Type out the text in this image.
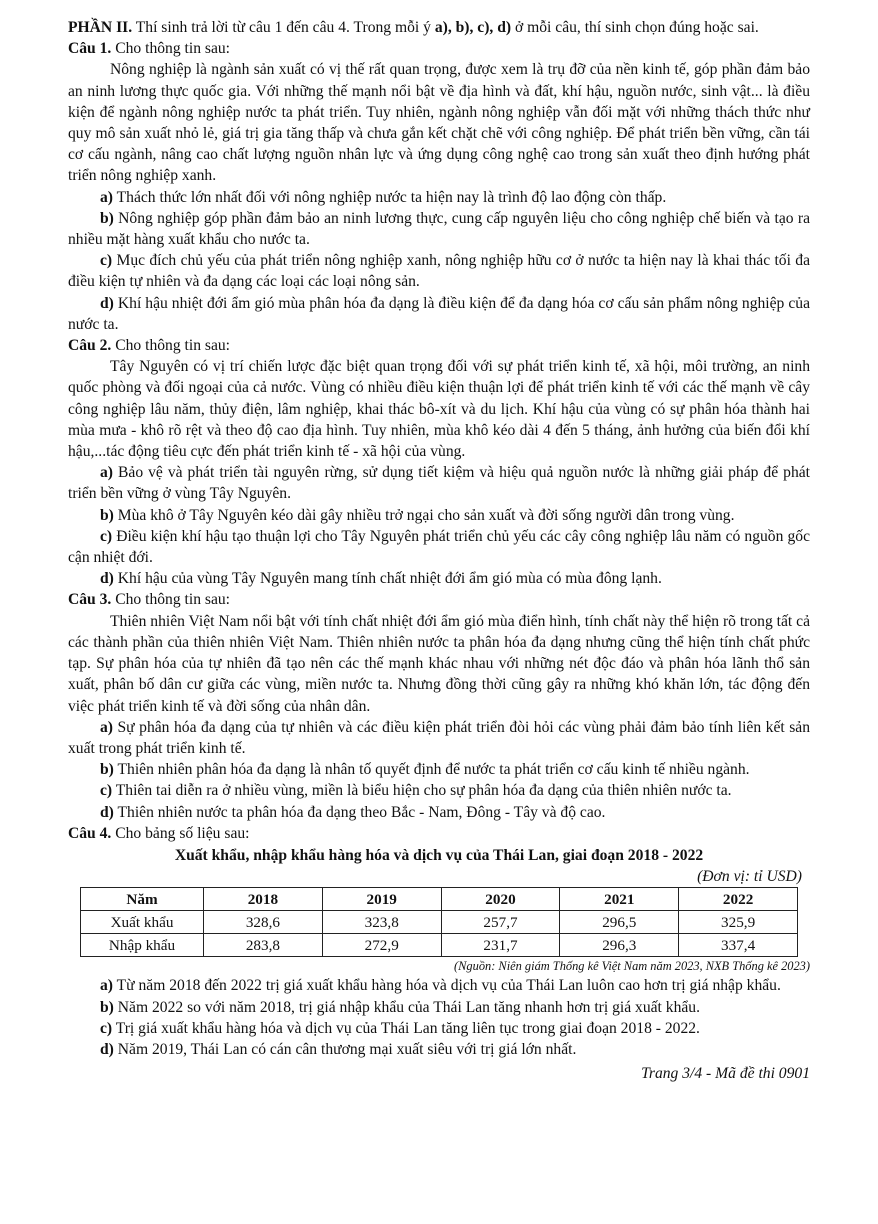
PHẦN II. Thí sinh trả lời từ câu 1 đến câu 4. Trong mỗi ý a), b), c), d) ở mỗi câu, thí sinh chọn đúng hoặc sai.

Câu 1. Cho thông tin sau:

Nông nghiệp là ngành sản xuất có vị thế rất quan trọng, được xem là trụ đỡ của nền kinh tế, góp phần đảm bảo an ninh lương thực quốc gia. Với những thế mạnh nổi bật về địa hình và đất, khí hậu, nguồn nước, sinh vật... là điều kiện để ngành nông nghiệp nước ta phát triển. Tuy nhiên, ngành nông nghiệp vẫn đối mặt với những thách thức như quy mô sản xuất nhỏ lẻ, giá trị gia tăng thấp và chưa gắn kết chặt chẽ với công nghiệp. Để phát triển bền vững, cần tái cơ cấu ngành, nâng cao chất lượng nguồn nhân lực và ứng dụng công nghệ cao trong sản xuất theo định hướng phát triển nông nghiệp xanh.

a) Thách thức lớn nhất đối với nông nghiệp nước ta hiện nay là trình độ lao động còn thấp.

b) Nông nghiệp góp phần đảm bảo an ninh lương thực, cung cấp nguyên liệu cho công nghiệp chế biến và tạo ra nhiều mặt hàng xuất khẩu cho nước ta.

c) Mục đích chủ yếu của phát triển nông nghiệp xanh, nông nghiệp hữu cơ ở nước ta hiện nay là khai thác tối đa điều kiện tự nhiên và đa dạng các loại các loại nông sản.

d) Khí hậu nhiệt đới ẩm gió mùa phân hóa đa dạng là điều kiện để đa dạng hóa cơ cấu sản phẩm nông nghiệp của nước ta.

Câu 2. Cho thông tin sau:

Tây Nguyên có vị trí chiến lược đặc biệt quan trọng đối với sự phát triển kinh tế, xã hội, môi trường, an ninh quốc phòng và đối ngoại của cả nước. Vùng có nhiều điều kiện thuận lợi để phát triển kinh tế với các thế mạnh về cây công nghiệp lâu năm, thủy điện, lâm nghiệp, khai thác bô-xít và du lịch. Khí hậu của vùng có sự phân hóa thành hai mùa mưa - khô rõ rệt và theo độ cao địa hình. Tuy nhiên, mùa khô kéo dài 4 đến 5 tháng, ảnh hưởng của biến đổi khí hậu,...tác động tiêu cực đến phát triển kinh tế - xã hội của vùng.

a) Bảo vệ và phát triển tài nguyên rừng, sử dụng tiết kiệm và hiệu quả nguồn nước là những giải pháp để phát triển bền vững ở vùng Tây Nguyên.

b) Mùa khô ở Tây Nguyên kéo dài gây nhiều trở ngại cho sản xuất và đời sống người dân trong vùng.

c) Điều kiện khí hậu tạo thuận lợi cho Tây Nguyên phát triển chủ yếu các cây công nghiệp lâu năm có nguồn gốc cận nhiệt đới.

d) Khí hậu của vùng Tây Nguyên mang tính chất nhiệt đới ẩm gió mùa có mùa đông lạnh.

Câu 3. Cho thông tin sau:

Thiên nhiên Việt Nam nổi bật với tính chất nhiệt đới ẩm gió mùa điển hình, tính chất này thể hiện rõ trong tất cả các thành phần của thiên nhiên Việt Nam. Thiên nhiên nước ta phân hóa đa dạng nhưng cũng thể hiện tính chất phức tạp. Sự phân hóa của tự nhiên đã tạo nên các thế mạnh khác nhau với những nét độc đáo và phân hóa lãnh thổ sản xuất, phân bố dân cư giữa các vùng, miền nước ta. Nhưng đồng thời cũng gây ra những khó khăn lớn, tác động đến việc phát triển kinh tế và đời sống của nhân dân.

a) Sự phân hóa đa dạng của tự nhiên và các điều kiện phát triển đòi hỏi các vùng phải đảm bảo tính liên kết sản xuất trong phát triển kinh tế.

b) Thiên nhiên phân hóa đa dạng là nhân tố quyết định để nước ta phát triển cơ cấu kinh tế nhiều ngành.

c) Thiên tai diễn ra ở nhiều vùng, miền là biểu hiện cho sự phân hóa đa dạng của thiên nhiên nước ta.

d) Thiên nhiên nước ta phân hóa đa dạng theo Bắc - Nam, Đông - Tây và độ cao.

Câu 4. Cho bảng số liệu sau:

Xuất khẩu, nhập khẩu hàng hóa và dịch vụ của Thái Lan, giai đoạn 2018 - 2022

(Đơn vị: tỉ USD)

Năm	2018	2019	2020	2021	2022
Xuất khẩu	328,6	323,8	257,7	296,5	325,9
Nhập khẩu	283,8	272,9	231,7	296,3	337,4

(Nguồn: Niên giám Thống kê Việt Nam năm 2023, NXB Thống kê 2023)

a) Từ năm 2018 đến 2022 trị giá xuất khẩu hàng hóa và dịch vụ của Thái Lan luôn cao hơn trị giá nhập khẩu.

b) Năm 2022 so với năm 2018, trị giá nhập khẩu của Thái Lan tăng nhanh hơn trị giá xuất khẩu.

c) Trị giá xuất khẩu hàng hóa và dịch vụ của Thái Lan tăng liên tục trong giai đoạn 2018 - 2022.

d) Năm 2019, Thái Lan có cán cân thương mại xuất siêu với trị giá lớn nhất.

Trang 3/4 - Mã đề thi 0901
